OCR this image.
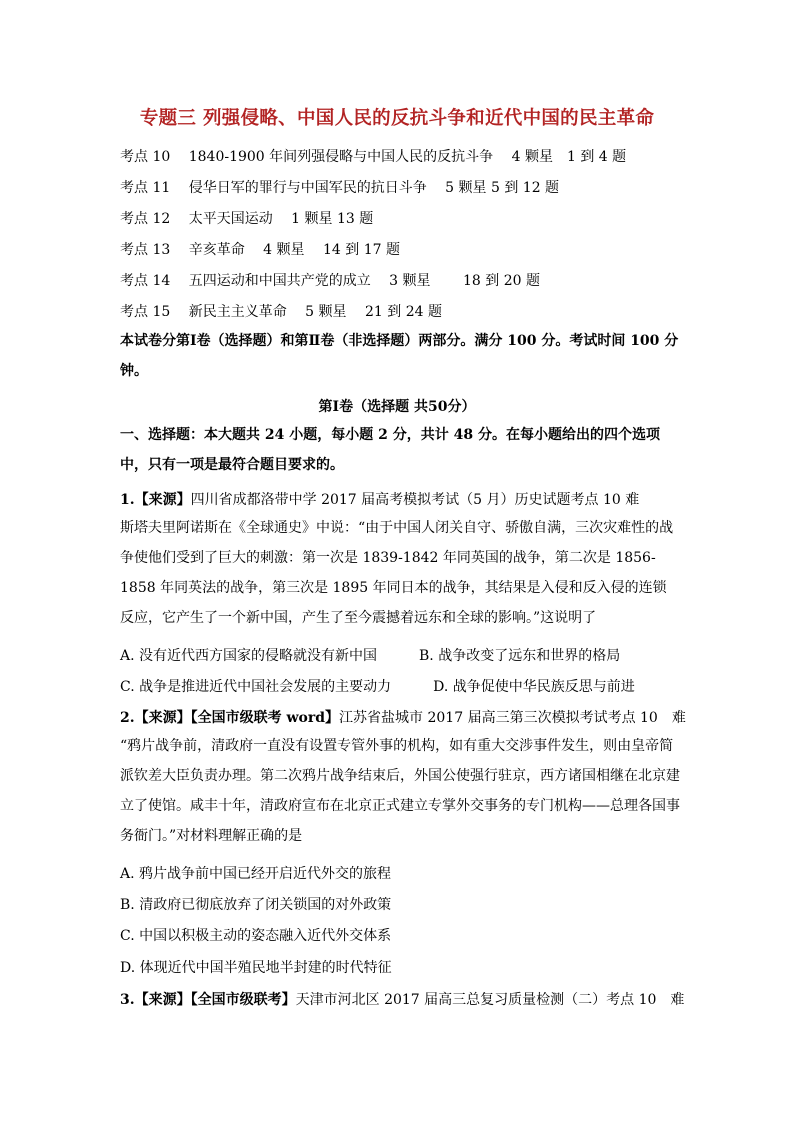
专题三 列强侵略、中国人民的反抗斗争和近代中国的民主革命
考点 10　 1840-1900 年间列强侵略与中国人民的反抗斗争　 4 颗星　 1 到 4 题
考点 11　 侵华日军的罪行与中国军民的抗日斗争　 5 颗星 5 到 12 题
考点 12　 太平天国运动　 1 颗星 13 题
考点 13　 辛亥革命　 4 颗星　 14 到 17 题
考点 14　 五四运动和中国共产党的成立　 3 颗星　　 18 到 20 题
考点 15　 新民主主义革命　 5 颗星　 21 到 24 题
本试卷分第Ⅰ卷（选择题）和第Ⅱ卷（非选择题）两部分。满分 100 分。考试时间 100 分钟。
第Ⅰ卷（选择题 共50分）
一、选择题：本大题共 24 小题，每小题 2 分，共计 48 分。在每小题给出的四个选项中，只有一项是最符合题目要求的。
1.【来源】四川省成都洛带中学 2017 届高考模拟考试（5 月）历史试题考点 10 难
斯塔夫里阿诺斯在《全球通史》中说：“由于中国人闭关自守、骄傲自满，三次灾难性的战争使他们受到了巨大的刺激：第一次是 1839-1842 年同英国的战争，第二次是 1856-1858 年同英法的战争，第三次是 1895 年同日本的战争，其结果是入侵和反入侵的连锁反应，它产生了一个新中国，产生了至今震撼着远东和全球的影响。”这说明了
A. 没有近代西方国家的侵略就没有新中国　　　	B. 战争改变了远东和世界的格局
C. 战争是推进近代中国社会发展的主要动力　　　	D. 战争促使中华民族反思与前进
2.【来源】【全国市级联考 word】江苏省盐城市 2017 届高三第三次模拟考试考点 10　难
“鸦片战争前，清政府一直没有设置专管外事的机构，如有重大交涉事件发生，则由皇帝简派钦差大臣负责办理。第二次鸦片战争结束后，外国公使强行驻京，西方诸国相继在北京建立了使馆。咸丰十年，清政府宣布在北京正式建立专掌外交事务的专门机构——总理各国事务衙门。”对材料理解正确的是
A. 鸦片战争前中国已经开启近代外交的旅程
B. 清政府已彻底放弃了闭关锁国的对外政策
C. 中国以积极主动的姿态融入近代外交体系
D. 体现近代中国半殖民地半封建的时代特征
3.【来源】【全国市级联考】天津市河北区 2017 届高三总复习质量检测（二）考点 10　难
